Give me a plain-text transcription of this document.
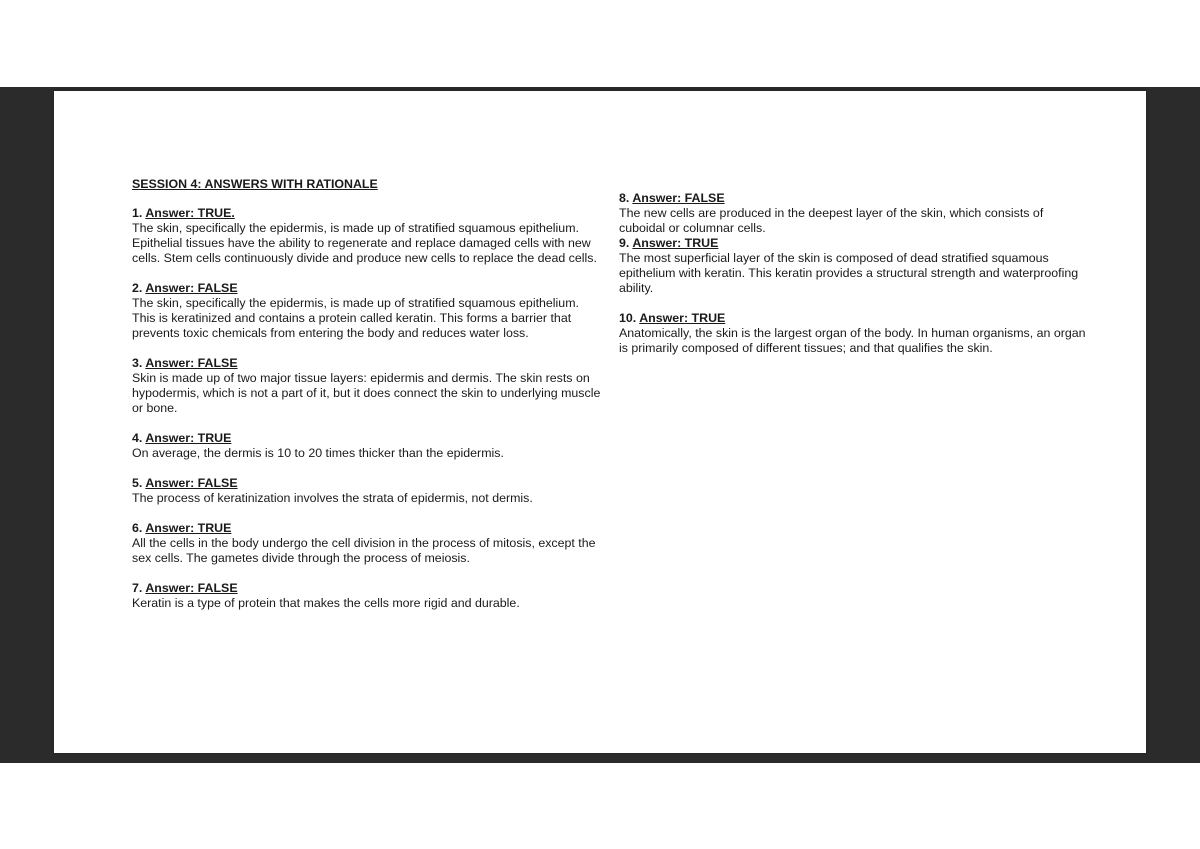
SESSION 4: ANSWERS WITH RATIONALE
1. Answer: TRUE.
The skin, specifically the epidermis, is made up of stratified squamous epithelium. Epithelial tissues have the ability to regenerate and replace damaged cells with new cells. Stem cells continuously divide and produce new cells to replace the dead cells.
2. Answer: FALSE
The skin, specifically the epidermis, is made up of stratified squamous epithelium. This is keratinized and contains a protein called keratin. This forms a barrier that prevents toxic chemicals from entering the body and reduces water loss.
3. Answer: FALSE
Skin is made up of two major tissue layers: epidermis and dermis. The skin rests on hypodermis, which is not a part of it, but it does connect the skin to underlying muscle or bone.
4. Answer: TRUE
On average, the dermis is 10 to 20 times thicker than the epidermis.
5. Answer: FALSE
The process of keratinization involves the strata of epidermis, not dermis.
6. Answer: TRUE
All the cells in the body undergo the cell division in the process of mitosis, except the sex cells. The gametes divide through the process of meiosis.
7. Answer: FALSE
Keratin is a type of protein that makes the cells more rigid and durable.
8. Answer: FALSE
The new cells are produced in the deepest layer of the skin, which consists of cuboidal or columnar cells.
9. Answer: TRUE
The most superficial layer of the skin is composed of dead stratified squamous epithelium with keratin. This keratin provides a structural strength and waterproofing ability.
10. Answer: TRUE
Anatomically, the skin is the largest organ of the body. In human organisms, an organ is primarily composed of different tissues; and that qualifies the skin.
